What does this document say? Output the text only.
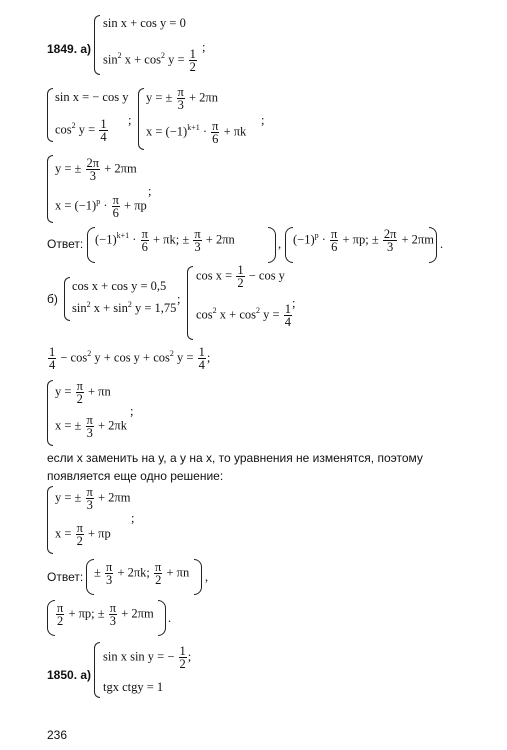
1849. а)
sin x + cos y = 0
$\sin^2 x + \cos^2 y = \frac{1}{2}$
;
sin x = − cos y
$\cos^2 y = \frac{1}{4}$ ;
y = ± $\frac{\pi}{3} + 2\pi n$
$x = (-1)^{k+1} \cdot \frac{\pi}{6} + \pi k$
;
y = ± $\frac{2\pi}{3} + 2\pi m$
$x = (-1)^p \cdot \frac{\pi}{6} + \pi p$
;
Ответ: $(-1)^{k+1} \cdot \frac{\pi}{6} + \pi k$; ± $\frac{\pi}{3} + 2\pi n$	, $(-1)^p \cdot \frac{\pi}{6} + \pi p$; ± $\frac{2\pi}{3} + 2\pi m$ .
б)
cos x + cos y = 0,5
$\sin^2 x + \sin^2 y = 1,75$
;
$\cos x = \frac{1}{2} - \cos y$
$\cos^2 x + \cos^2 y = \frac{1}{4}$ ;
$\frac{1}{4} - \cos^2 y + \cos y + \cos^2 y = \frac{1}{4}$ ;
$y = \frac{\pi}{2} + \pi n$
x = ± $\frac{\pi}{3} + 2\pi k$
;
если x заменить на y, а y на x, то уравнения не изменятся, поэтому
появляется еще одно решение:
y = ± $\frac{\pi}{3} + 2\pi m$
$x = \frac{\pi}{2} + \pi p$
;
Ответ: ± $\frac{\pi}{3} + 2\pi k$; $\frac{\pi}{2} + \pi n$ ,
$\frac{\pi}{2} + \pi p$; ± $\frac{\pi}{3} + 2\pi m$ .
1850. а)
sin x sin y = − $\frac{1}{2}$ ;
tgx ctgy = 1
236
